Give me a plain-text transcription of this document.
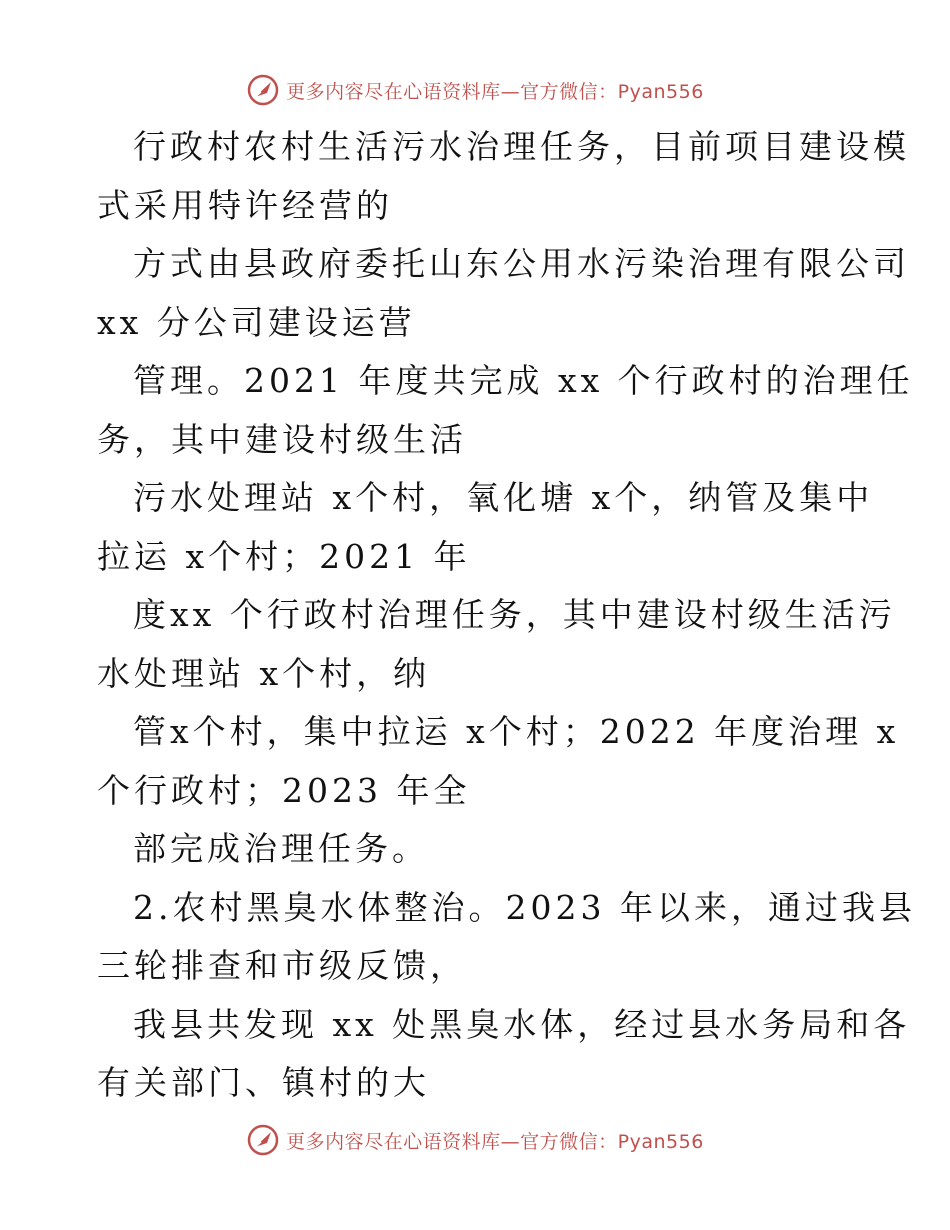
更多内容尽在心语资料库—官方微信：Pyan556

行政村农村生活污水治理任务，目前项目建设模
式采用特许经营的

方式由县政府委托山东公用水污染治理有限公司
xx 分公司建设运营

管理。2021 年度共完成 xx 个行政村的治理任
务，其中建设村级生活

污水处理站 x个村，氧化塘 x个，纳管及集中
拉运 x个村；2021 年

度xx 个行政村治理任务，其中建设村级生活污
水处理站 x个村，纳

管x个村，集中拉运 x个村；2022 年度治理 x
个行政村；2023 年全

部完成治理任务。

2.农村黑臭水体整治。2023 年以来，通过我县
三轮排查和市级反馈，

我县共发现 xx 处黑臭水体，经过县水务局和各
有关部门、镇村的大

更多内容尽在心语资料库—官方微信：Pyan556
